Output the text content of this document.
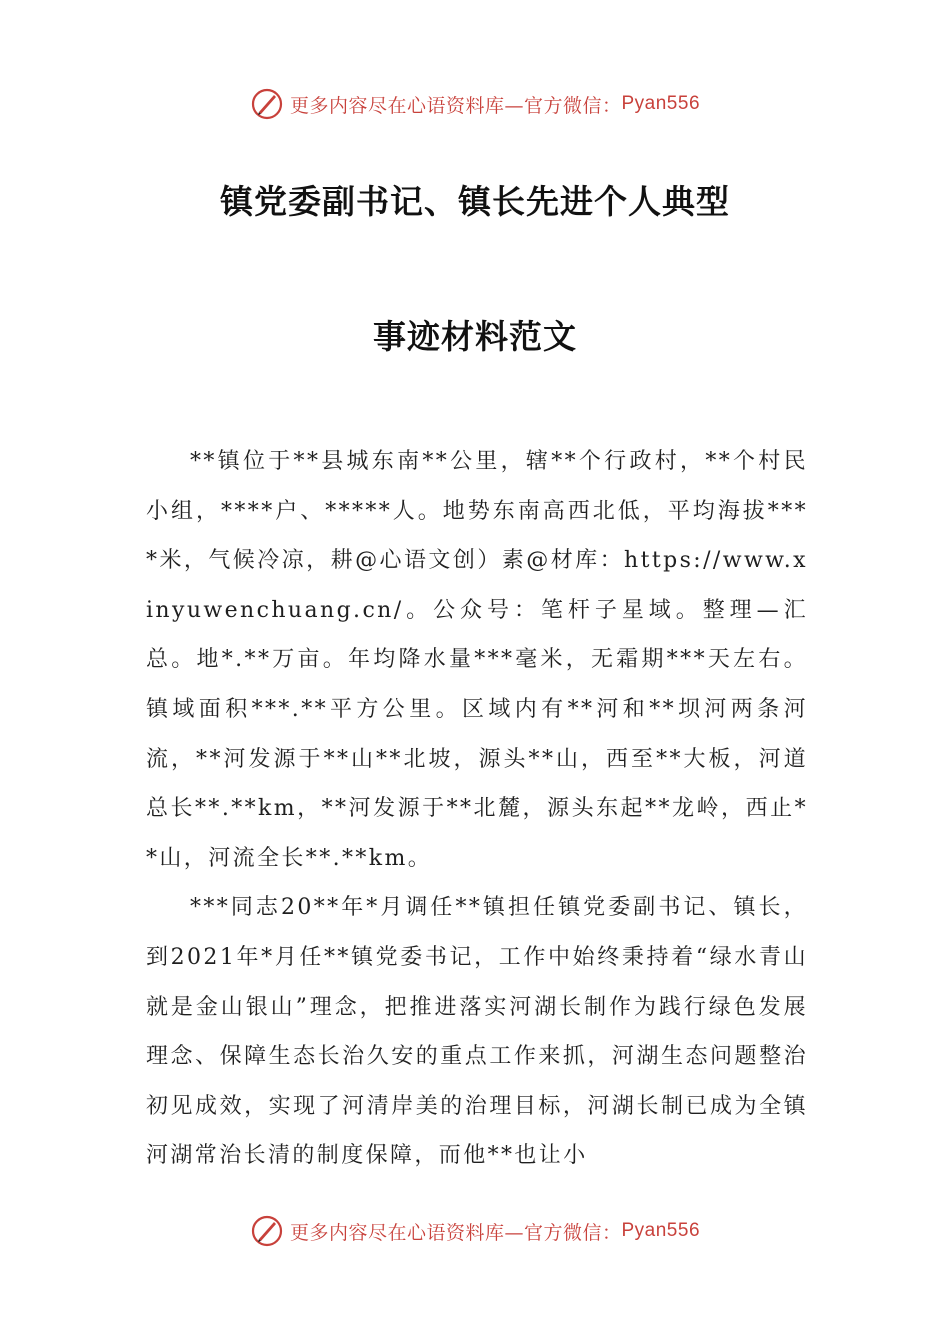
更多内容尽在心语资料库—官方微信： Pyan556
镇党委副书记、镇长先进个人典型
事迹材料范文

**镇位于**县城东南**公里，辖**个行政村，**个村民小组，****户、*****人。地势东南高西北低，平均海拔****米，气候冷凉，耕@心语文创）素@材库：https://www.xinyuwenchuang.cn/。公众号：笔杆子星域。整理—汇总。地*.**万亩。年均降水量***毫米，无霜期***天左右。镇域面积***.**平方公里。区域内有**河和**坝河两条河流，**河发源于**山**北坡，源头**山，西至**大板，河道总长**.**km，**河发源于**北麓，源头东起**龙岭，西止**山，河流全长**.**km。

***同志20**年*月调任**镇担任镇党委副书记、镇长，到2021年*月任**镇党委书记，工作中始终秉持着“绿水青山就是金山银山”理念，把推进落实河湖长制作为践行绿色发展理念、保障生态长治久安的重点工作来抓，河湖生态问题整治初见成效，实现了河清岸美的治理目标，河湖长制已成为全镇河湖常治长清的制度保障，而他**也让小

更多内容尽在心语资料库—官方微信： Pyan556
